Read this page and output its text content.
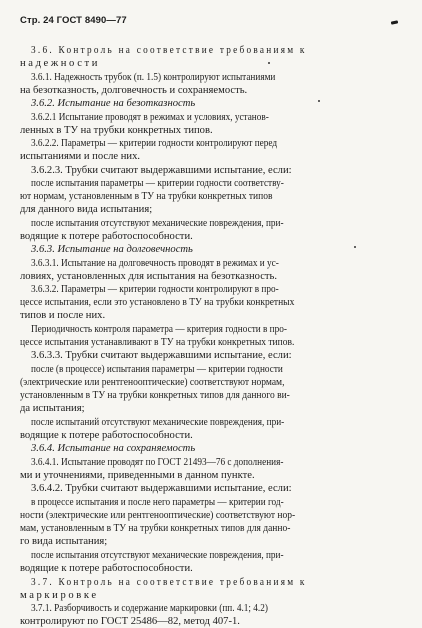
Стр. 24 ГОСТ 8490—77
3.6. Контроль на соответствие требованиям к
надежности
3.6.1. Надежность трубок (п. 1.5) контролируют испытаниями
на безотказность, долговечность и сохраняемость.
3.6.2. Испытание на безотказность
3.6.2.1 Испытание проводят в режимах и условиях, установ-
ленных в ТУ на трубки конкретных типов.
3.6.2.2. Параметры — критерии годности контролируют перед
испытаниями и после них.
3.6.2.3. Трубки считают выдержавшими испытание, если:
после испытания параметры — критерии годности соответству-
ют нормам, установленным в ТУ на трубки конкретных типов
для данного вида испытания;
после испытания отсутствуют механические повреждения, при-
водящие к потере работоспособности.
3.6.3. Испытание на долговечность
3.6.3.1. Испытание на долговечность проводят в режимах и ус-
ловиях, установленных для испытания на безотказность.
3.6.3.2. Параметры — критерии годности контролируют в про-
цессе испытания, если это установлено в ТУ на трубки конкретных
типов и после них.
Периодичность контроля параметра — критерия годности в про-
цессе испытания устанавливают в ТУ на трубки конкретных типов.
3.6.3.3. Трубки считают выдержавшими испытание, если:
после (в процессе) испытания параметры — критерии годности
(электрические или рентгенооптические) соответствуют нормам,
установленным в ТУ на трубки конкретных типов для данного ви-
да испытания;
после испытаний отсутствуют механические повреждения, при-
водящие к потере работоспособности.
3.6.4. Испытание на сохраняемость
3.6.4.1. Испытание проводят по ГОСТ 21493—76 с дополнения-
ми и уточнениями, приведенными в данном пункте.
3.6.4.2. Трубки считают выдержавшими испытание, если:
в процессе испытания и после него параметры — критерии год-
ности (электрические или рентгенооптические) соответствуют нор-
мам, установленным в ТУ на трубки конкретных типов для данно-
го вида испытания;
после испытания отсутствуют механические повреждения, при-
водящие к потере работоспособности.
3.7. Контроль на соответствие требованиям к
маркировке
3.7.1. Разборчивость и содержание маркировки (пп. 4.1; 4.2)
контролируют по ГОСТ 25486—82, метод 407-1.
